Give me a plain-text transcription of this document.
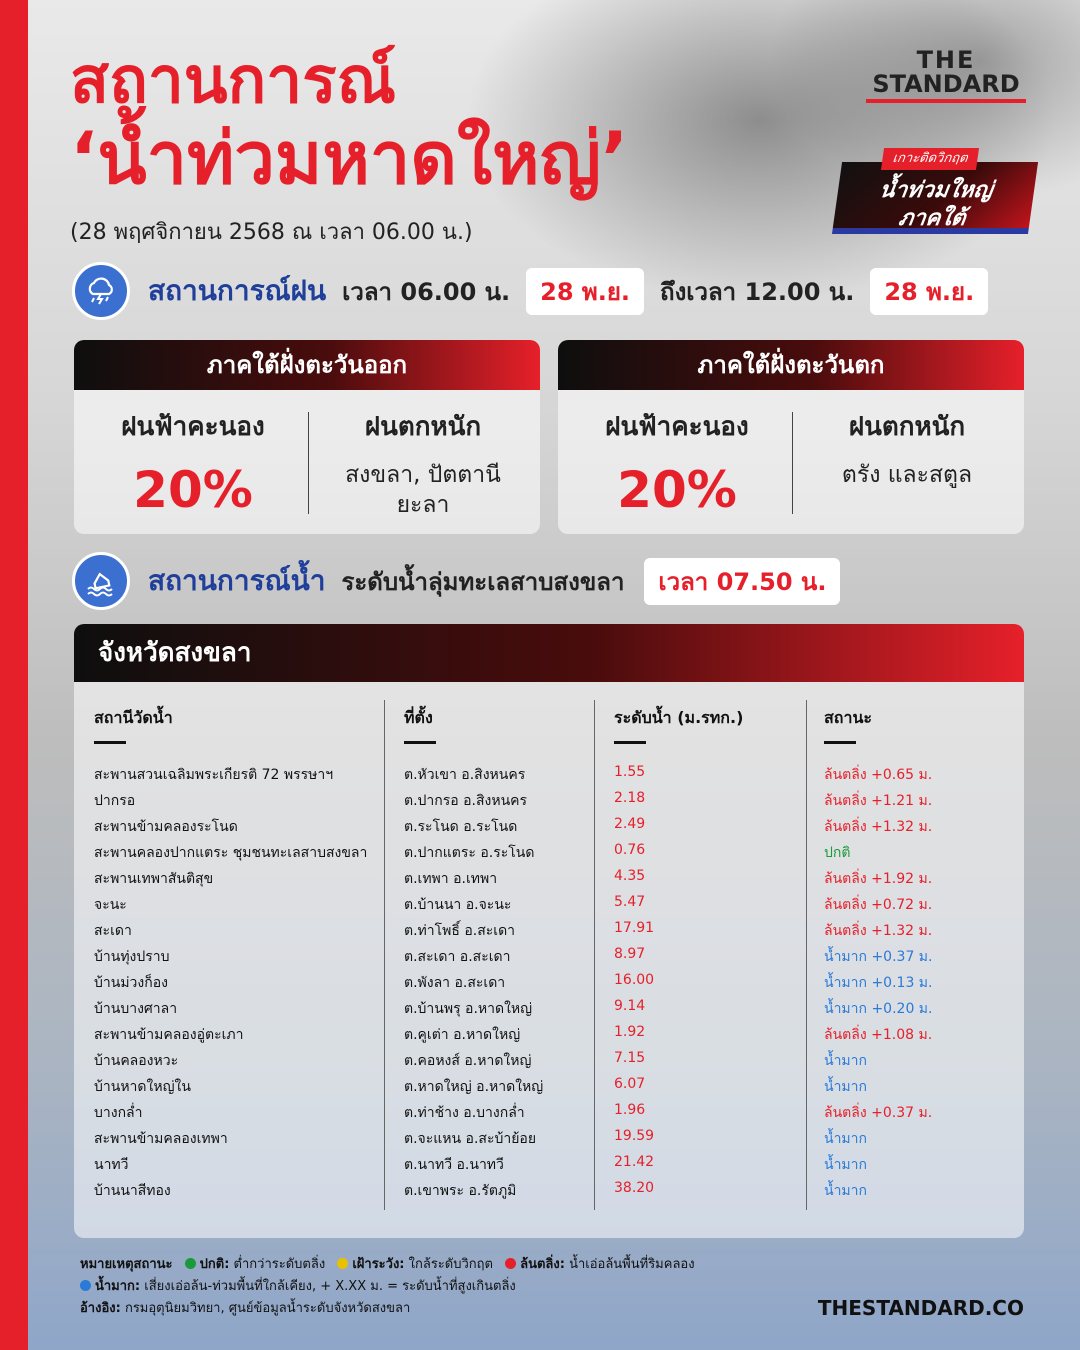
สถานการณ์
‘น้ำท่วมหาดใหญ่’
(28 พฤศจิกายน 2568 ณ เวลา 06.00 น.)
THE
STANDARD
เกาะติดวิกฤต
น้ำท่วมใหญ่
ภาคใต้
สถานการณ์ฝน เวลา 06.00 น.	28 พ.ย.	ถึงเวลา 12.00 น.	28 พ.ย.
ภาคใต้ฝั่งตะวันออก
ฝนฟ้าคะนอง
20%
ฝนตกหนัก
สงขลา, ปัตตานี
ยะลา
ภาคใต้ฝั่งตะวันตก
ฝนฟ้าคะนอง
20%
ฝนตกหนัก
ตรัง และสตูล
สถานการณ์น้ำ ระดับน้ำลุ่มทะเลสาบสงขลา	เวลา 07.50 น.
จังหวัดสงขลา
สถานีวัดน้ำ	ที่ตั้ง	ระดับน้ำ (ม.รทก.)	สถานะ
สะพานสวนเฉลิมพระเกียรติ 72 พรรษาฯ	ต.หัวเขา อ.สิงหนคร	1.55	ล้นตลิ่ง +0.65 ม.
ปากรอ	ต.ปากรอ อ.สิงหนคร	2.18	ล้นตลิ่ง +1.21 ม.
สะพานข้ามคลองระโนด	ต.ระโนด อ.ระโนด	2.49	ล้นตลิ่ง +1.32 ม.
สะพานคลองปากแตระ ชุมชนทะเลสาบสงขลา	ต.ปากแตระ อ.ระโนด	0.76	ปกติ
สะพานเทพาสันติสุข	ต.เทพา อ.เทพา	4.35	ล้นตลิ่ง +1.92 ม.
จะนะ	ต.บ้านนา อ.จะนะ	5.47	ล้นตลิ่ง +0.72 ม.
สะเดา	ต.ท่าโพธิ์ อ.สะเดา	17.91	ล้นตลิ่ง +1.32 ม.
บ้านทุ่งปราบ	ต.สะเดา อ.สะเดา	8.97	น้ำมาก +0.37 ม.
บ้านม่วงก็อง	ต.พังลา อ.สะเดา	16.00	น้ำมาก +0.13 ม.
บ้านบางศาลา	ต.บ้านพรุ อ.หาดใหญ่	9.14	น้ำมาก +0.20 ม.
สะพานข้ามคลองอู่ตะเภา	ต.คูเต่า อ.หาดใหญ่	1.92	ล้นตลิ่ง +1.08 ม.
บ้านคลองหวะ	ต.คอหงส์ อ.หาดใหญ่	7.15	น้ำมาก
บ้านหาดใหญ่ใน	ต.หาดใหญ่ อ.หาดใหญ่	6.07	น้ำมาก
บางกล่ำ	ต.ท่าช้าง อ.บางกล่ำ	1.96	ล้นตลิ่ง +0.37 ม.
สะพานข้ามคลองเทพา	ต.จะแหน อ.สะบ้าย้อย	19.59	น้ำมาก
นาทวี	ต.นาทวี อ.นาทวี	21.42	น้ำมาก
บ้านนาสีทอง	ต.เขาพระ อ.รัตภูมิ	38.20	น้ำมาก
หมายเหตุสถานะ ปกติ: ต่ำกว่าระดับตลิ่ง เฝ้าระวัง: ใกล้ระดับวิกฤต ล้นตลิ่ง: น้ำเอ่อล้นพื้นที่ริมคลอง
น้ำมาก: เสี่ยงเอ่อล้น-ท่วมพื้นที่ใกล้เคียง, + X.XX ม. = ระดับน้ำที่สูงเกินตลิ่ง
อ้างอิง: กรมอุตุนิยมวิทยา, ศูนย์ข้อมูลน้ำระดับจังหวัดสงขลา	THESTANDARD.CO
